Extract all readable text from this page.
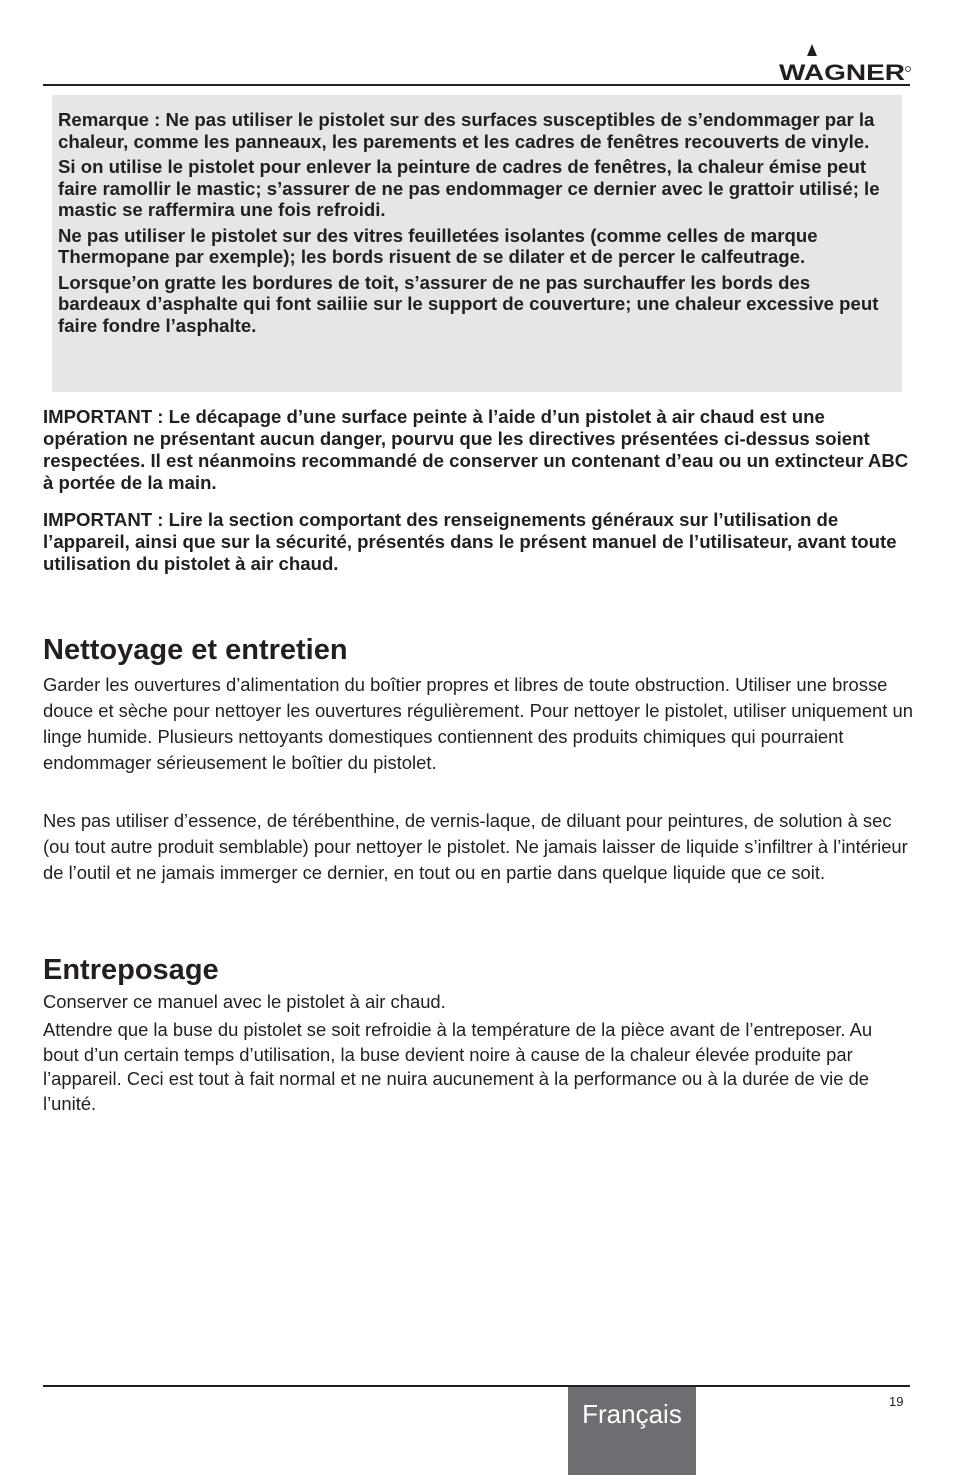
WAGNER

Remarque : Ne pas utiliser le pistolet sur des surfaces susceptibles de s’endommager par la chaleur, comme les panneaux, les parements et les cadres de fenêtres recouverts de vinyle.

Si on utilise le pistolet pour enlever la peinture de cadres de fenêtres, la chaleur émise peut faire ramollir le mastic; s’assurer de ne pas endommager ce dernier avec le grattoir utilisé; le mastic se raffermira une fois refroidi.

Ne pas utiliser le pistolet sur des vitres feuilletées isolantes (comme celles de marque Thermopane par exemple); les bords risuent de se dilater et de percer le calfeutrage.

Lorsque’on gratte les bordures de toit, s’assurer de ne pas surchauffer les bords des bardeaux d’asphalte qui font sailiie sur le support de couverture; une chaleur excessive peut faire fondre l’asphalte.

IMPORTANT : Le décapage d’une surface peinte à l’aide d’un pistolet à air chaud est une opération ne présentant aucun danger, pourvu que les directives présentées ci-dessus soient respectées. Il est néanmoins recommandé de conserver un contenant d’eau ou un extincteur ABC à portée de la main.

IMPORTANT : Lire la section comportant des renseignements généraux sur l’utilisation de l’appareil, ainsi que sur la sécurité, présentés dans le présent manuel de l’utilisateur, avant toute utilisation du pistolet à air chaud.

Nettoyage et entretien

Garder les ouvertures d’alimentation du boîtier propres et libres de toute obstruction. Utiliser une brosse douce et sèche pour nettoyer les ouvertures régulièrement. Pour nettoyer le pistolet, utiliser uniquement un linge humide. Plusieurs nettoyants domestiques contiennent des produits chimiques qui pourraient endommager sérieusement le boîtier du pistolet.

Nes pas utiliser d’essence, de térébenthine, de vernis-laque, de diluant pour peintures, de solution à sec (ou tout autre produit semblable) pour nettoyer le pistolet. Ne jamais laisser de liquide s’infiltrer à l’intérieur de l’outil et ne jamais immerger ce dernier, en tout ou en partie dans quelque liquide que ce soit.

Entreposage

Conserver ce manuel avec le pistolet à air chaud.

Attendre que la buse du pistolet se soit refroidie à la température de la pièce avant de l’entreposer. Au bout d’un certain temps d’utilisation, la buse devient noire à cause de la chaleur élevée produite par l’appareil. Ceci est tout à fait normal et ne nuira aucunement à la performance ou à la durée de vie de l’unité.

Français	19
